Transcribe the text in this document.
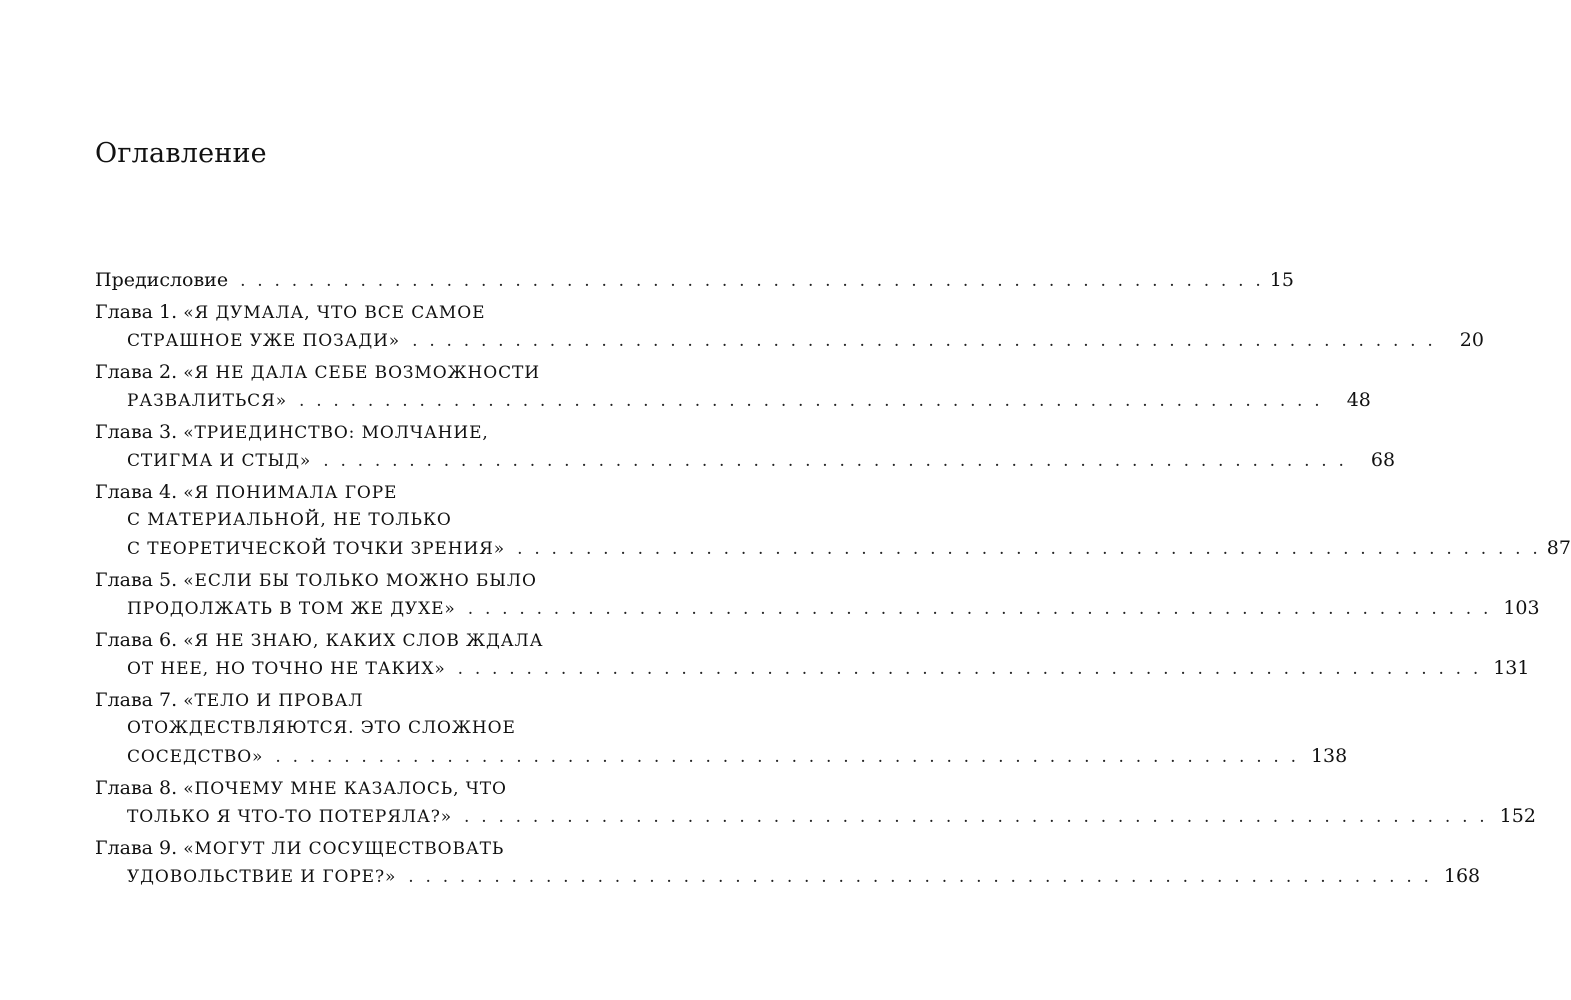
Оглавление
Предисловие . . . . . . . . . . . . . . . . . . . . . . . . . . . . . . . . . . . . . . . . . . . . . . . . . . . . . . . . . . . . 15
Глава 1.
«Я ДУМАЛА, ЧТО ВСЕ САМОЕ
СТРАШНОЕ УЖЕ ПОЗАДИ» . . . . . . . . . . . . . . . . . . . . . . . . . . . . . . . . . . . . . . . . . . . . . . . . . . . . . . . . . . . .	20
Глава 2.
«Я НЕ ДАЛА СЕБЕ ВОЗМОЖНОСТИ
РАЗВАЛИТЬСЯ» . . . . . . . . . . . . . . . . . . . . . . . . . . . . . . . . . . . . . . . . . . . . . . . . . . . . . . . . . . . .	48
Глава 3.
«ТРИЕДИНСТВО: МОЛЧАНИЕ,
СТИГМА И СТЫД» . . . . . . . . . . . . . . . . . . . . . . . . . . . . . . . . . . . . . . . . . . . . . . . . . . . . . . . . . . . .	68
Глава 4.
«Я ПОНИМАЛА ГОРЕ
С МАТЕРИАЛЬНОЙ, НЕ ТОЛЬКО
С ТЕОРЕТИЧЕСКОЙ ТОЧКИ ЗРЕНИЯ» . . . . . . . . . . . . . . . . . . . . . . . . . . . . . . . . . . . . . . . . . . . . . . . . . . . . . . . . . . . . 87
Глава 5.
«ЕСЛИ БЫ ТОЛЬКО МОЖНО БЫЛО
ПРОДОЛЖАТЬ В ТОМ ЖЕ ДУХЕ» . . . . . . . . . . . . . . . . . . . . . . . . . . . . . . . . . . . . . . . . . . . . . . . . . . . . . . . . . . . . 103
Глава 6.
«Я НЕ ЗНАЮ, КАКИХ СЛОВ ЖДАЛА
ОТ НЕЕ, НО ТОЧНО НЕ ТАКИХ» . . . . . . . . . . . . . . . . . . . . . . . . . . . . . . . . . . . . . . . . . . . . . . . . . . . . . . . . . . . . 131
Глава 7.
«ТЕЛО И ПРОВАЛ
ОТОЖДЕСТВЛЯЮТСЯ. ЭТО СЛОЖНОЕ
СОСЕДСТВО» . . . . . . . . . . . . . . . . . . . . . . . . . . . . . . . . . . . . . . . . . . . . . . . . . . . . . . . . . . . . 138
Глава 8.
«ПОЧЕМУ МНЕ КАЗАЛОСЬ, ЧТО
ТОЛЬКО Я ЧТО-ТО ПОТЕРЯЛА?» . . . . . . . . . . . . . . . . . . . . . . . . . . . . . . . . . . . . . . . . . . . . . . . . . . . . . . . . . . . . 152
Глава 9.
«МОГУТ ЛИ СОСУЩЕСТВОВАТЬ
УДОВОЛЬСТВИЕ И ГОРЕ?» . . . . . . . . . . . . . . . . . . . . . . . . . . . . . . . . . . . . . . . . . . . . . . . . . . . . . . . . . . . . 168
